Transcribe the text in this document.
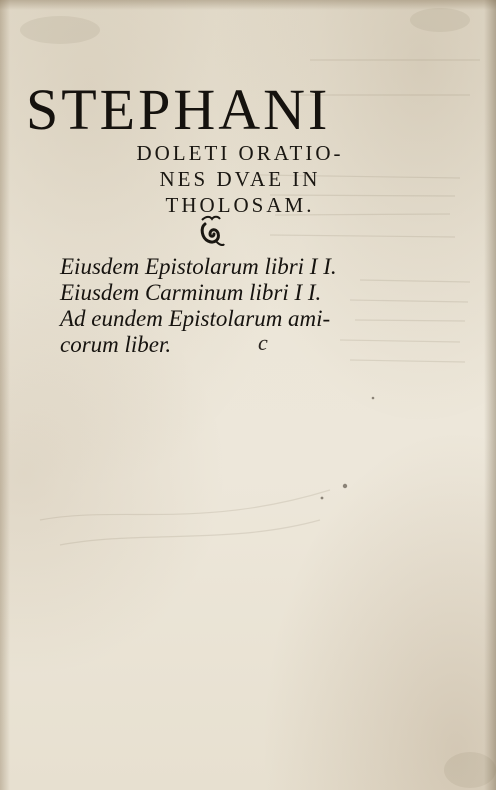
STEPHANI
DOLETI ORATIO-
NES DVAE IN
THOLOSAM.
Eiusdem Epistolarum libri I I.
Eiusdem Carminum libri I I.
Ad eundem Epistolarum ami-
corum liber.	c
